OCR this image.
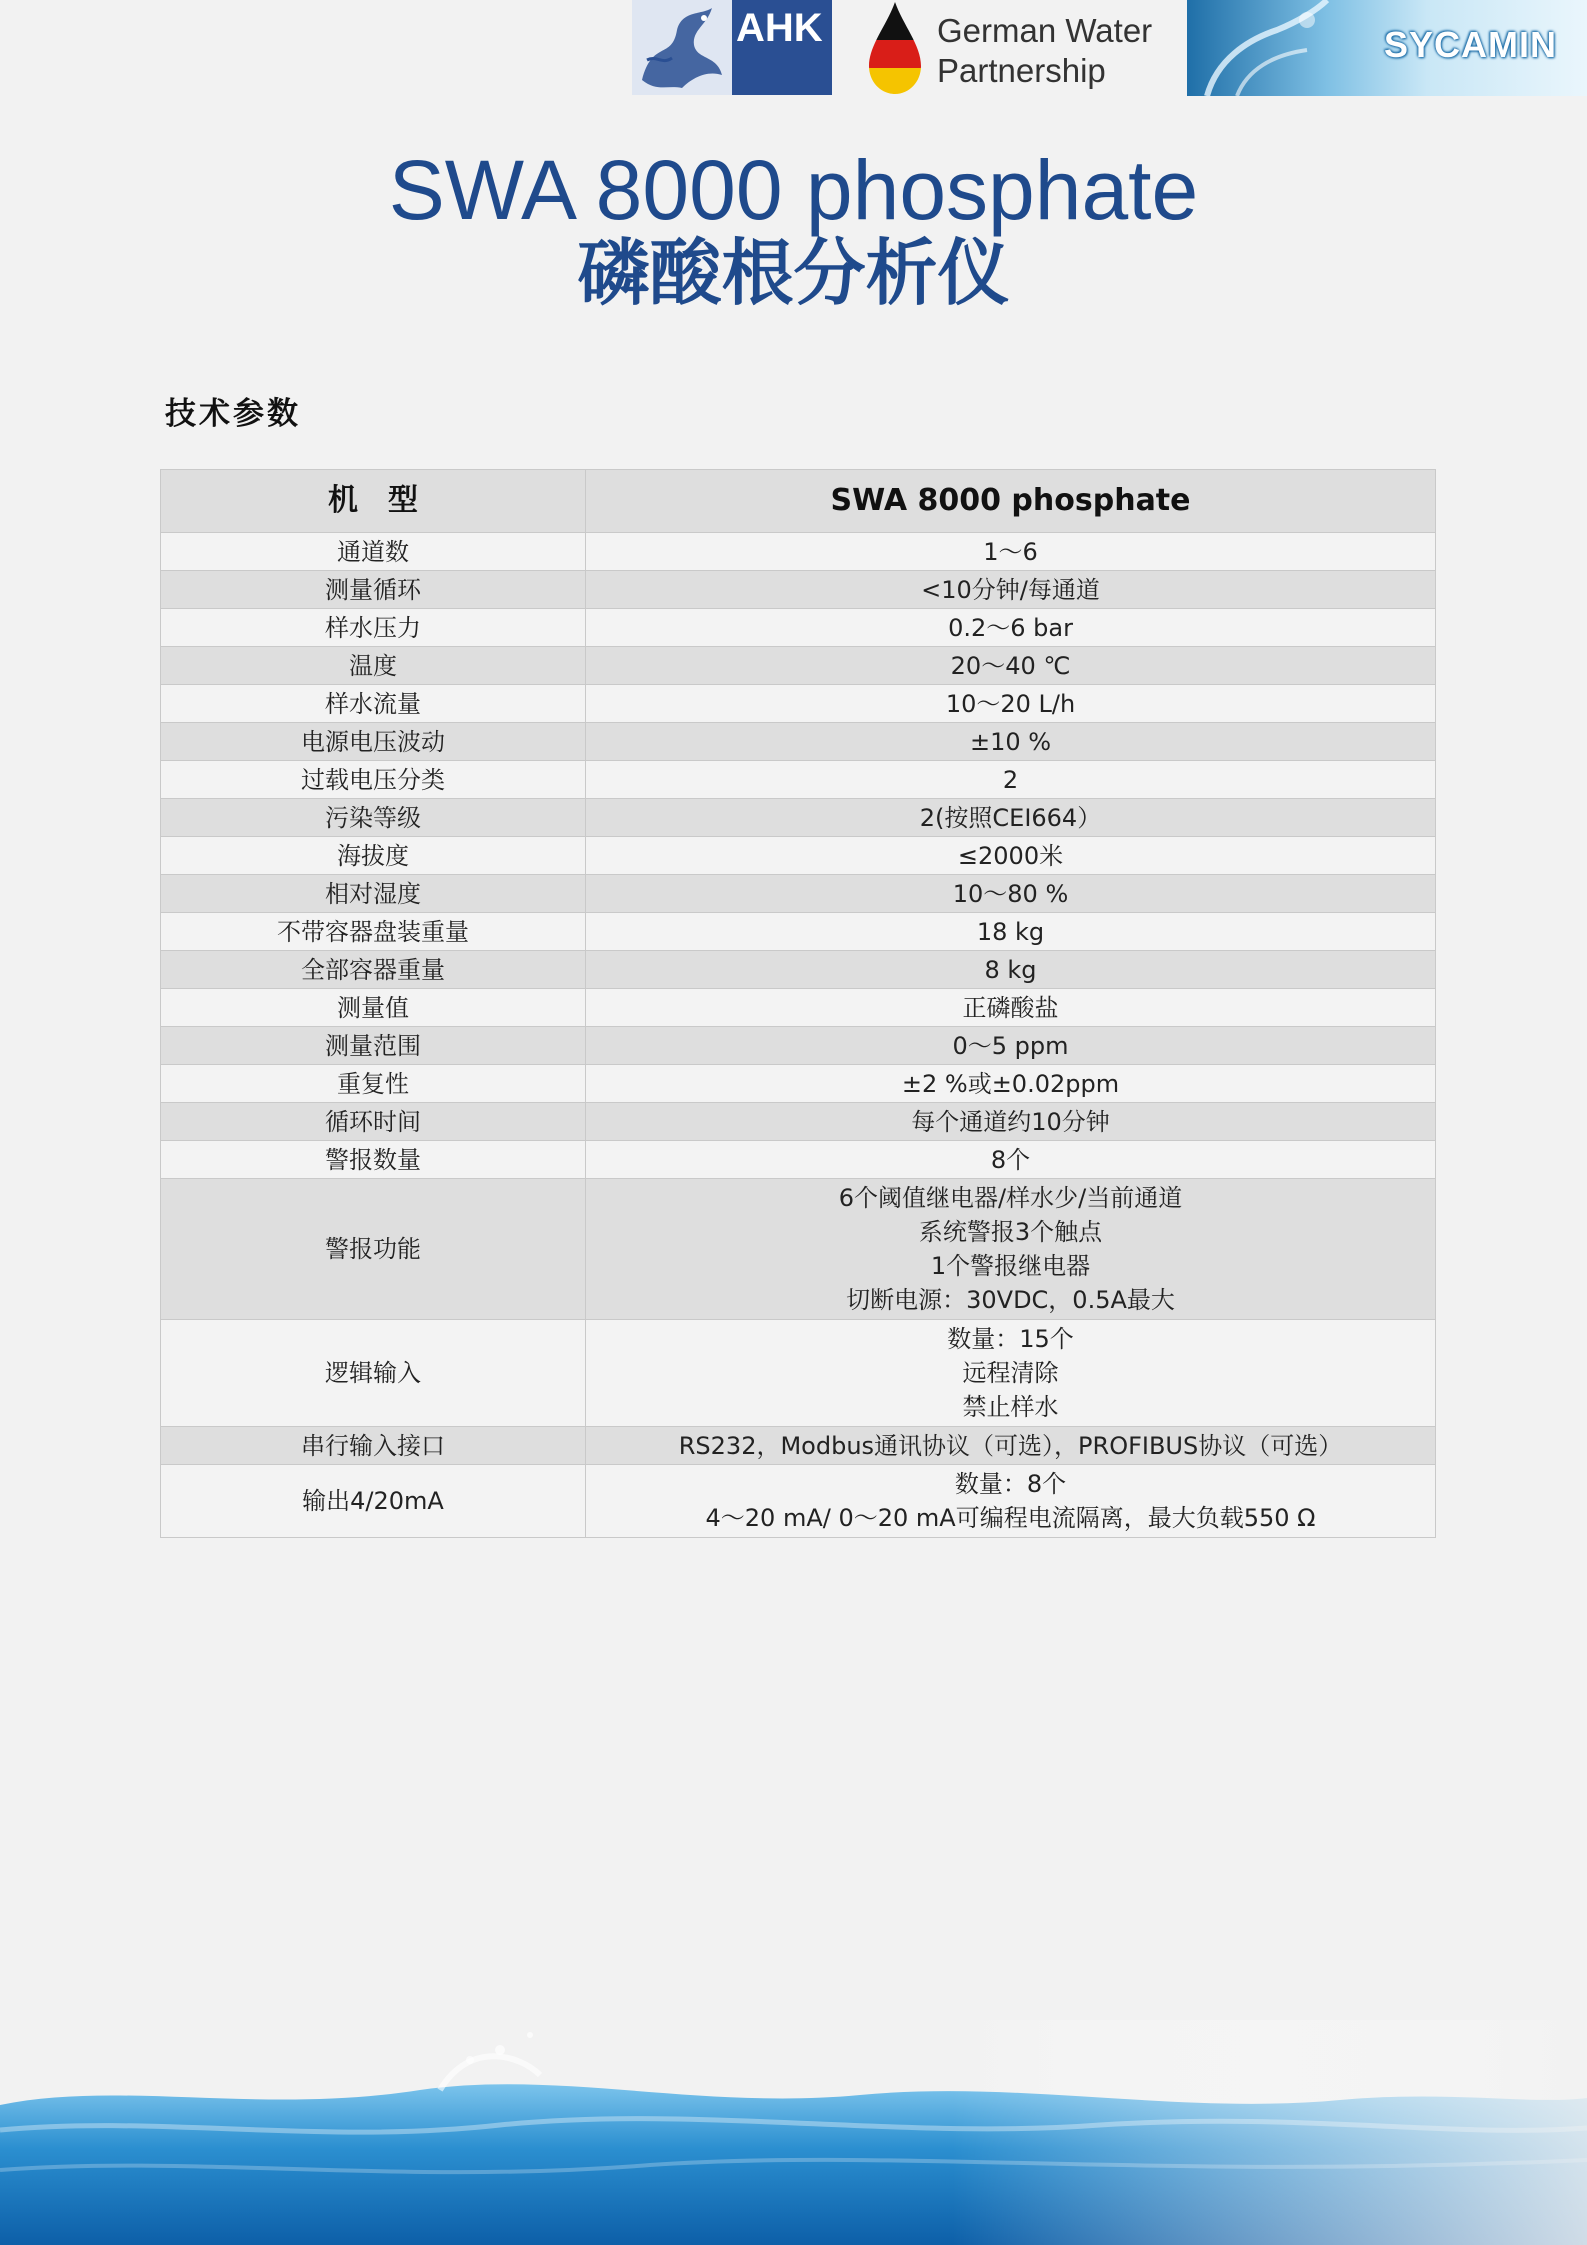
AHK	German Water
Partnership
SYCAMIN
SWA 8000 phosphate
磷酸根分析仪
技术参数
机　型	SWA 8000 phosphate
通道数	1～6

测量循环	<10分钟/每通道

样水压力	0.2～6 bar

温度	20～40 ℃

样水流量	10～20 L/h

电源电压波动	±10 %

过载电压分类	2

污染等级	2(按照CEI664）

海拔度	≤2000米

相对湿度	10～80 %

不带容器盘装重量	18 kg

全部容器重量	8 kg

测量值	正磷酸盐

测量范围	0～5 ppm

重复性	±2 %或±0.02ppm

循环时间	每个通道约10分钟

警报数量	8个

警报功能	6个阈值继电器/样水少/当前通道
系统警报3个触点
1个警报继电器
切断电源：30VDC，0.5A最大

逻辑输入	数量：15个
远程清除
禁止样水

串行输入接口	RS232，Modbus通讯协议（可选），PROFIBUS协议（可选）

输出4/20mA	数量：8个
4～20 mA/ 0～20 mA可编程电流隔离，最大负载550 Ω
